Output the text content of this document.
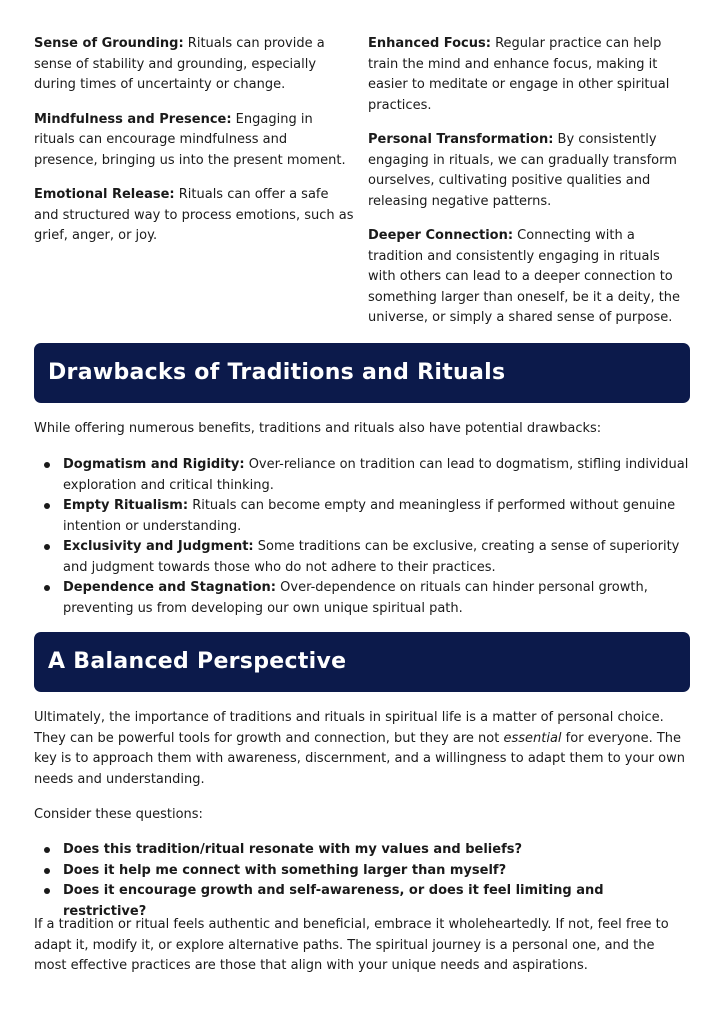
Sense of Grounding: Rituals can provide a sense of stability and grounding, especially during times of uncertainty or change.

Mindfulness and Presence: Engaging in rituals can encourage mindfulness and presence, bringing us into the present moment.

Emotional Release: Rituals can offer a safe and structured way to process emotions, such as grief, anger, or joy.

Enhanced Focus: Regular practice can help train the mind and enhance focus, making it easier to meditate or engage in other spiritual practices.

Personal Transformation: By consistently engaging in rituals, we can gradually transform ourselves, cultivating positive qualities and releasing negative patterns.

Deeper Connection: Connecting with a tradition and consistently engaging in rituals with others can lead to a deeper connection to something larger than oneself, be it a deity, the universe, or simply a shared sense of purpose.

Drawbacks of Traditions and Rituals

While offering numerous benefits, traditions and rituals also have potential drawbacks:

Dogmatism and Rigidity: Over-reliance on tradition can lead to dogmatism, stifling individual exploration and critical thinking.
Empty Ritualism: Rituals can become empty and meaningless if performed without genuine intention or understanding.
Exclusivity and Judgment: Some traditions can be exclusive, creating a sense of superiority and judgment towards those who do not adhere to their practices.
Dependence and Stagnation: Over-dependence on rituals can hinder personal growth, preventing us from developing our own unique spiritual path.
A Balanced Perspective

Ultimately, the importance of traditions and rituals in spiritual life is a matter of personal choice. They can be powerful tools for growth and connection, but they are not essential for everyone. The key is to approach them with awareness, discernment, and a willingness to adapt them to your own needs and understanding.

Consider these questions:

Does this tradition/ritual resonate with my values and beliefs?
Does it help me connect with something larger than myself?
Does it encourage growth and self-awareness, or does it feel limiting and restrictive?

If a tradition or ritual feels authentic and beneficial, embrace it wholeheartedly. If not, feel free to adapt it, modify it, or explore alternative paths. The spiritual journey is a personal one, and the most effective practices are those that align with your unique needs and aspirations.
